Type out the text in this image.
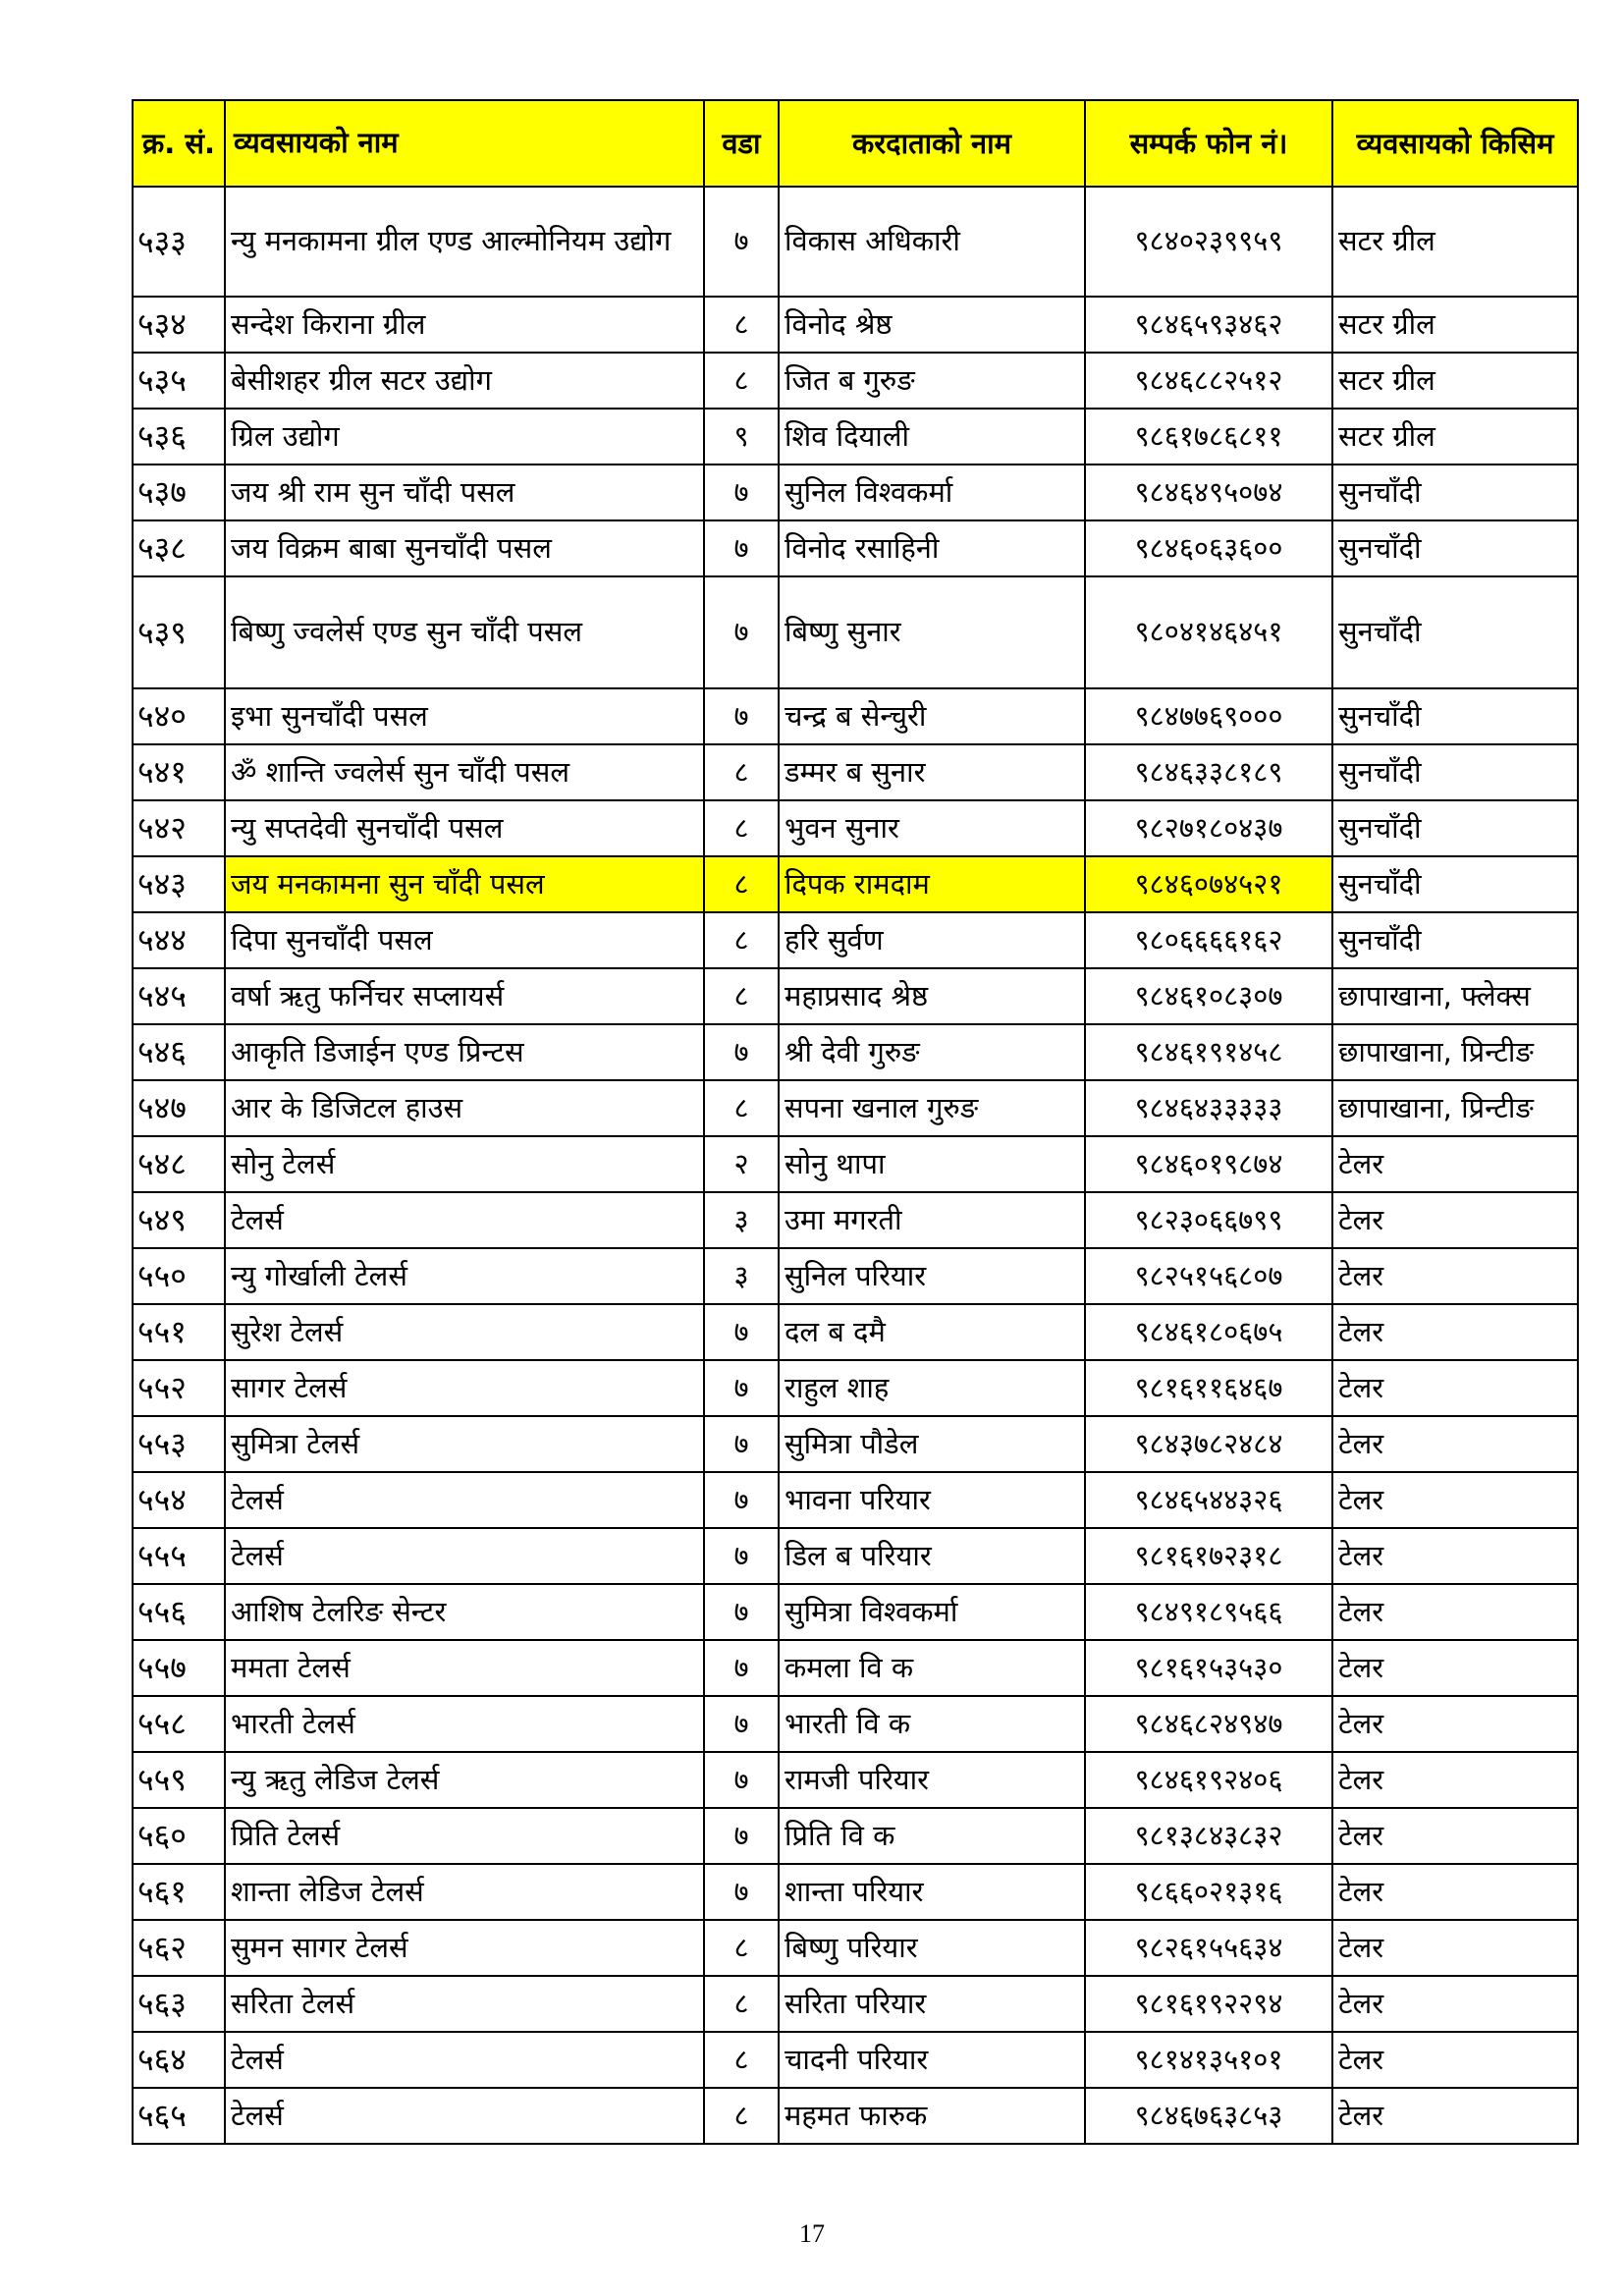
क्र. सं.	व्यवसायको नाम	वडा	करदाताको नाम	सम्पर्क फोन नं।	व्यवसायको किसिम
५३३	न्यु मनकामना ग्रील एण्ड आल्मोनियम उद्योग	७	विकास अधिकारी	९८४०२३९९५९	सटर ग्रील
५३४	सन्देश किराना ग्रील	८	विनोद श्रेष्ठ	९८४६५९३४६२	सटर ग्रील
५३५	बेसीशहर ग्रील सटर उद्योग	८	जित ब गुरुङ	९८४६८८२५१२	सटर ग्रील
५३६	ग्रिल उद्योग	९	शिव दियाली	९८६१७८६८११	सटर ग्रील
५३७	जय श्री राम सुन चाँदी पसल	७	सुनिल विश्वकर्मा	९८४६४९५०७४	सुनचाँदी
५३८	जय विक्रम बाबा सुनचाँदी पसल	७	विनोद रसाहिनी	९८४६०६३६००	सुनचाँदी
५३९	बिष्णु ज्वलेर्स एण्ड सुन चाँदी पसल	७	बिष्णु सुनार	९८०४१४६४५१	सुनचाँदी
५४०	इभा सुनचाँदी पसल	७	चन्द्र ब सेन्चुरी	९८४७७६९०००	सुनचाँदी
५४१	ॐ शान्ति ज्वलेर्स सुन चाँदी पसल	८	डम्मर ब सुनार	९८४६३३८१८९	सुनचाँदी
५४२	न्यु सप्तदेवी सुनचाँदी पसल	८	भुवन सुनार	९८२७१८०४३७	सुनचाँदी
५४३	जय मनकामना सुन चाँदी पसल	८	दिपक रामदाम	९८४६०७४५२१	सुनचाँदी
५४४	दिपा सुनचाँदी पसल	८	हरि सुर्वण	९८०६६६६१६२	सुनचाँदी
५४५	वर्षा ऋतु फर्निचर सप्लायर्स	८	महाप्रसाद श्रेष्ठ	९८४६१०८३०७	छापाखाना, फ्लेक्स
५४६	आकृति डिजाईन एण्ड प्रिन्टस	७	श्री देवी गुरुङ	९८४६१९१४५८	छापाखाना, प्रिन्टीङ
५४७	आर के डिजिटल हाउस	८	सपना खनाल गुरुङ	९८४६४३३३३३	छापाखाना, प्रिन्टीङ
५४८	सोनु टेलर्स	२	सोनु थापा	९८४६०१९८७४	टेलर
५४९	टेलर्स	३	उमा मगरती	९८२३०६६७९९	टेलर
५५०	न्यु गोर्खाली टेलर्स	३	सुनिल परियार	९८२५१५६८०७	टेलर
५५१	सुरेश टेलर्स	७	दल ब दमै	९८४६१८०६७५	टेलर
५५२	सागर टेलर्स	७	राहुल शाह	९८१६११६४६७	टेलर
५५३	सुमित्रा टेलर्स	७	सुमित्रा पौडेल	९८४३७८२४८४	टेलर
५५४	टेलर्स	७	भावना परियार	९८४६५४४३२६	टेलर
५५५	टेलर्स	७	डिल ब परियार	९८१६१७२३१८	टेलर
५५६	आशिष टेलरिङ सेन्टर	७	सुमित्रा विश्वकर्मा	९८४९१८९५६६	टेलर
५५७	ममता टेलर्स	७	कमला वि क	९८१६१५३५३०	टेलर
५५८	भारती टेलर्स	७	भारती वि क	९८४६८२४९४७	टेलर
५५९	न्यु ऋतु लेडिज टेलर्स	७	रामजी परियार	९८४६१९२४०६	टेलर
५६०	प्रिति टेलर्स	७	प्रिति वि क	९८१३८४३८३२	टेलर
५६१	शान्ता लेडिज टेलर्स	७	शान्ता परियार	९८६६०२१३१६	टेलर
५६२	सुमन सागर टेलर्स	८	बिष्णु परियार	९८२६१५५६३४	टेलर
५६३	सरिता टेलर्स	८	सरिता परियार	९८१६१९२२९४	टेलर
५६४	टेलर्स	८	चादनी परियार	९८१४१३५१०१	टेलर
५६५	टेलर्स	८	महमत फारुक	९८४६७६३८५३	टेलर
17
